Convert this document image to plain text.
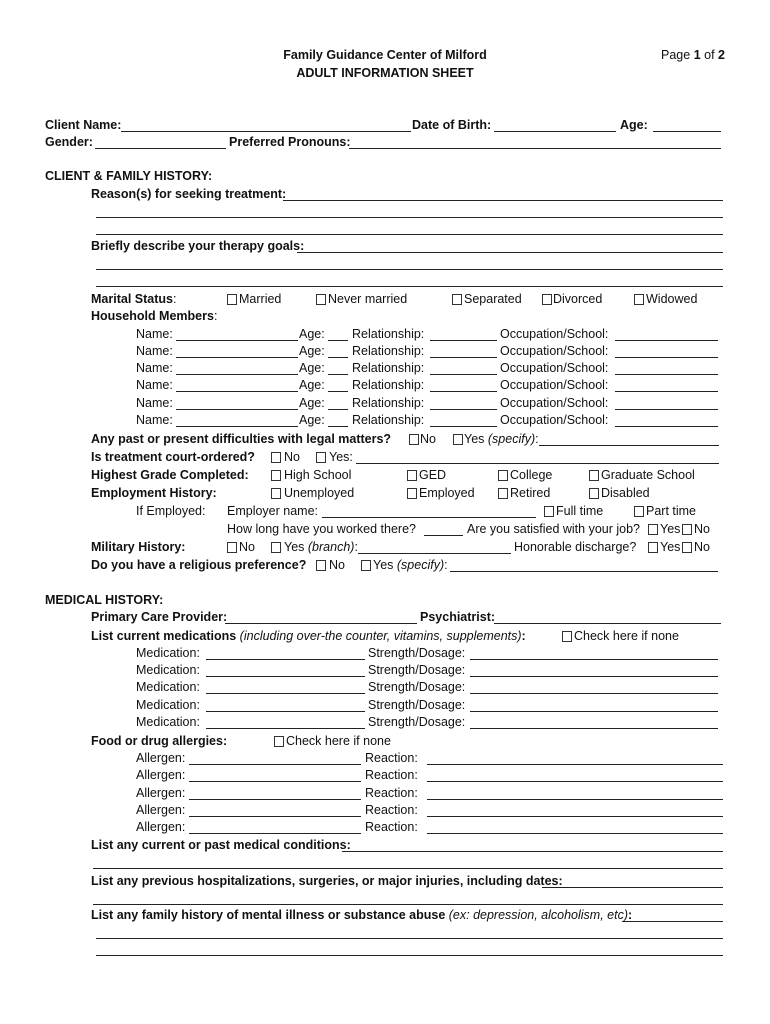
Family Guidance Center of Milford
ADULT INFORMATION SHEET
Page 1 of 2
Client Name:	Date of Birth:	Age:
Gender:	Preferred Pronouns:
CLIENT & FAMILY HISTORY:
Reason(s) for seeking treatment:
Briefly describe your therapy goals:
Marital Status:	Married	Never married	Separated	Divorced	Widowed
Household Members:
Name:	Age: Relationship:	Occupation/School:
Name:	Age: Relationship:	Occupation/School:
Name:	Age: Relationship:	Occupation/School:
Name:	Age: Relationship:	Occupation/School:
Name:	Age: Relationship:	Occupation/School:
Name:	Age: Relationship:	Occupation/School:
Any past or present difficulties with legal matters? No Yes (specify):
Is treatment court-ordered? No Yes:
Highest Grade Completed:	High School	GED	College	Graduate School
Employment History:	Unemployed	Employed	Retired	Disabled
If Employed: Employer name:	Full time	Part time
How long have you worked there?	Are you satisfied with your job? Yes No
Military History:	No Yes (branch):	Honorable discharge? Yes No
Do you have a religious preference? No Yes (specify):
MEDICAL HISTORY:
Primary Care Provider:	Psychiatrist:
List current medications (including over-the counter, vitamins, supplements):	Check here if none
Medication:	Strength/Dosage:
Medication:	Strength/Dosage:
Medication:	Strength/Dosage:
Medication:	Strength/Dosage:
Medication:	Strength/Dosage:
Food or drug allergies:	Check here if none
Allergen:	Reaction:
Allergen:	Reaction:
Allergen:	Reaction:
Allergen:	Reaction:
Allergen:	Reaction:
List any current or past medical conditions:
List any previous hospitalizations, surgeries, or major injuries, including dates:
List any family history of mental illness or substance abuse (ex: depression, alcoholism, etc):
